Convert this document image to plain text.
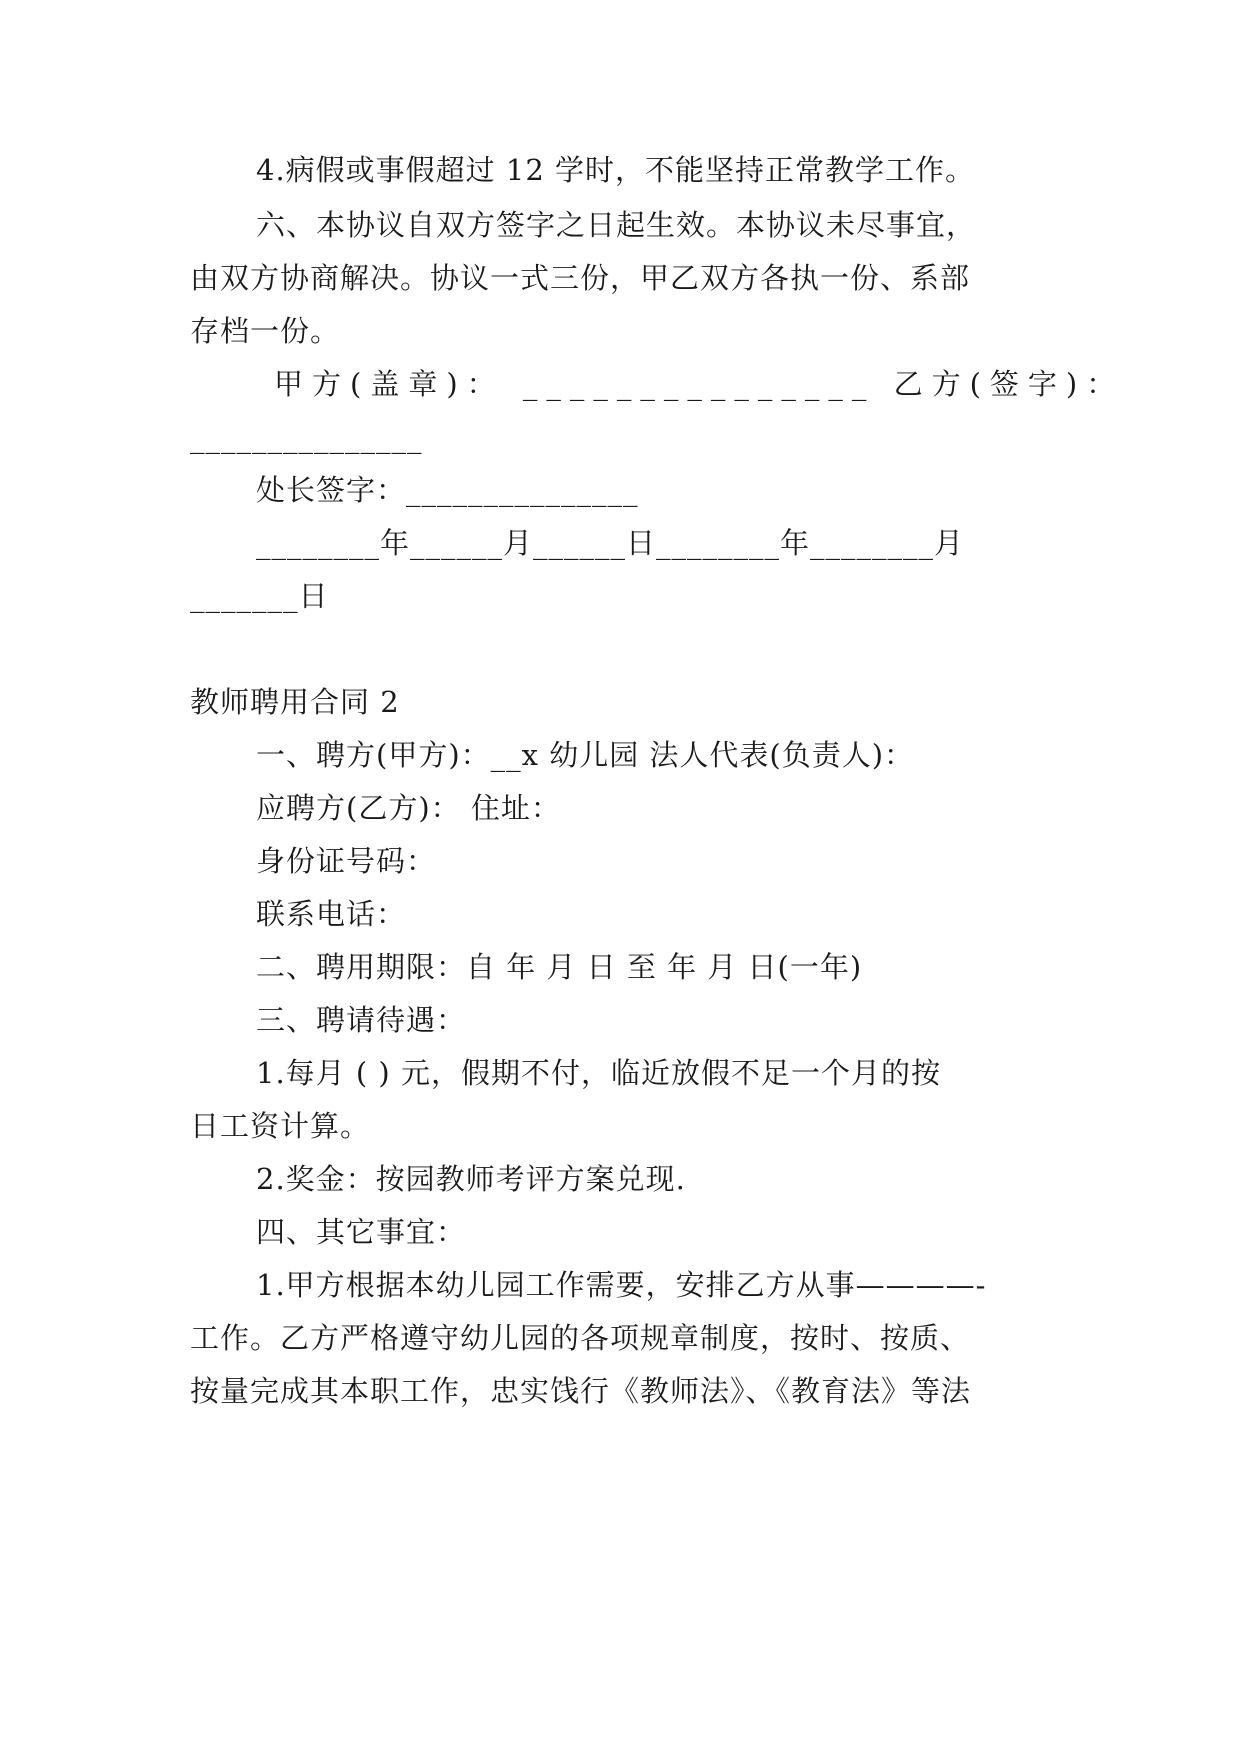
4.病假或事假超过 12 学时，不能坚持正常教学工作。
六、本协议自双方签字之日起生效。本协议未尽事宜，
由双方协商解决。协议一式三份，甲乙双方各执一份、系部
存档一份。
甲方(盖章)： _______________ 乙方(签字)：
_______________
处长签字：_______________
________年______月______日________年________月
_______日
教师聘用合同 2
一、聘方(甲方)：__x 幼儿园 法人代表(负责人)：
应聘方(乙方)： 住址：
身份证号码：
联系电话：
二、聘用期限：自 年 月 日 至 年 月 日(一年)
三、聘请待遇：
1.每月 ( ) 元，假期不付，临近放假不足一个月的按
日工资计算。
2.奖金：按园教师考评方案兑现.
四、其它事宜：
1.甲方根据本幼儿园工作需要，安排乙方从事————-
工作。乙方严格遵守幼儿园的各项规章制度，按时、按质、
按量完成其本职工作，忠实饯行《教师法》、《教育法》等法
